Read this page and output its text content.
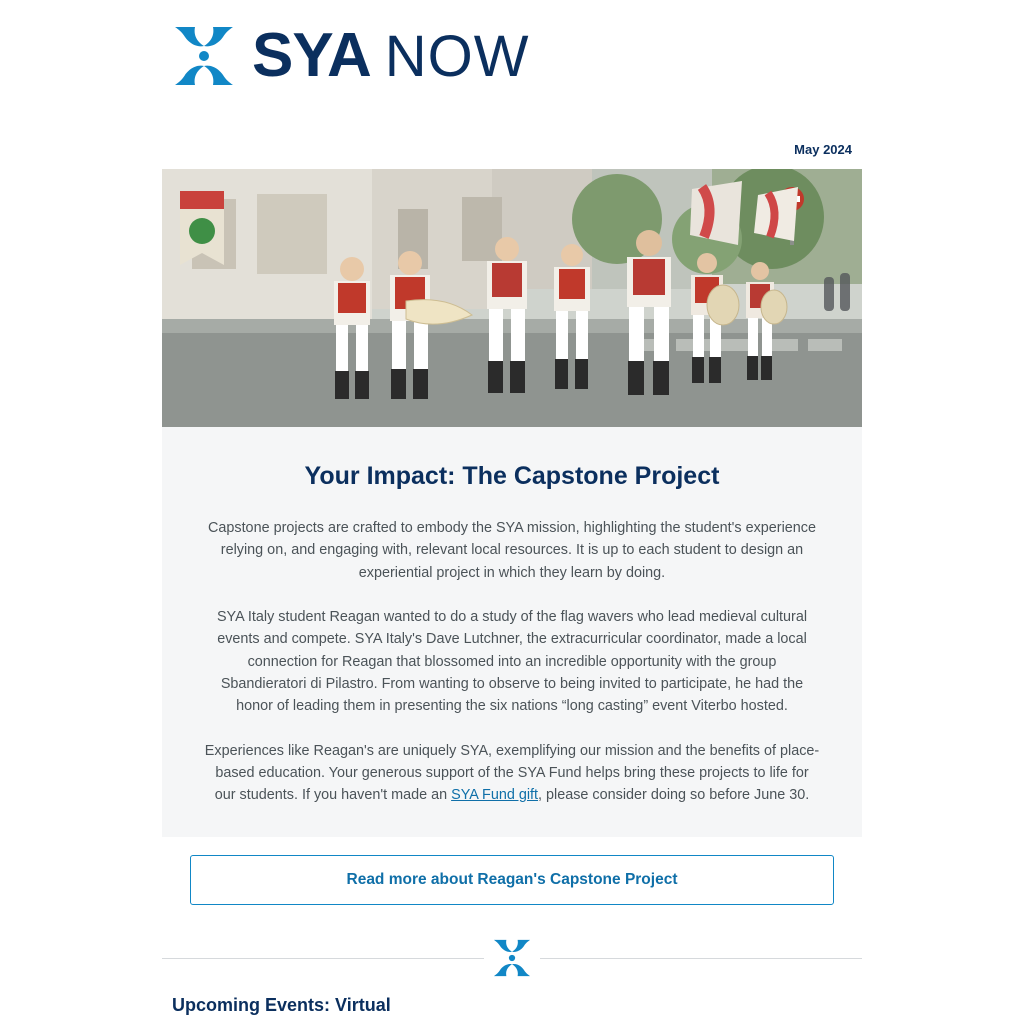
SYA NOW
May 2024
Your Impact: The Capstone Project

Capstone projects are crafted to embody the SYA mission, highlighting the student's experience relying on, and engaging with, relevant local resources. It is up to each student to design an experiential project in which they learn by doing.

SYA Italy student Reagan wanted to do a study of the flag wavers who lead medieval cultural events and compete. SYA Italy's Dave Lutchner, the extracurricular coordinator, made a local connection for Reagan that blossomed into an incredible opportunity with the group Sbandieratori di Pilastro. From wanting to observe to being invited to participate, he had the honor of leading them in presenting the six nations “long casting” event Viterbo hosted.

Experiences like Reagan's are uniquely SYA, exemplifying our mission and the benefits of place-based education. Your generous support of the SYA Fund helps bring these projects to life for our students. If you haven't made an SYA Fund gift, please consider doing so before June 30.

Read more about Reagan's Capstone Project
Upcoming Events: Virtual
